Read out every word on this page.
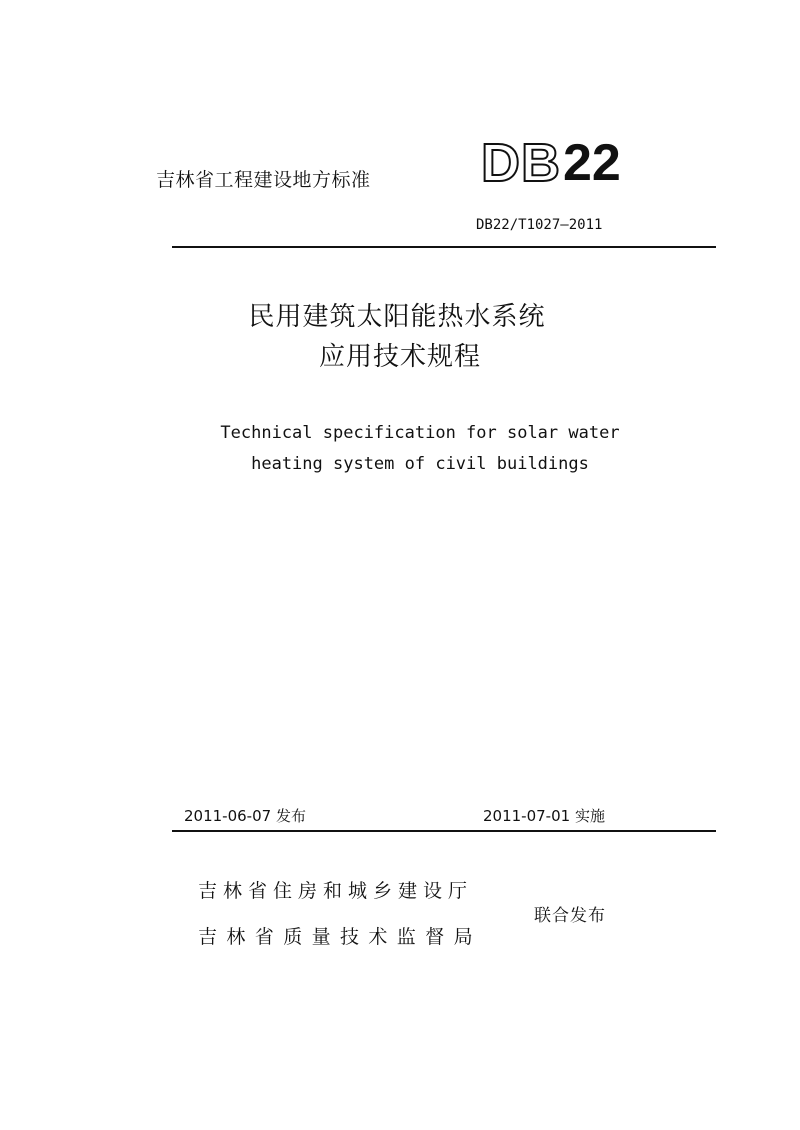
吉林省工程建设地方标准 DB 22
DB22/T1027—2011
民用建筑太阳能热水系统
应用技术规程
Technical specification for solar water
heating system of civil buildings
2011-06-07 发布	2011-07-01 实施
吉林省住房和城乡建设厅
吉林省质量技术监督局
联合发布
